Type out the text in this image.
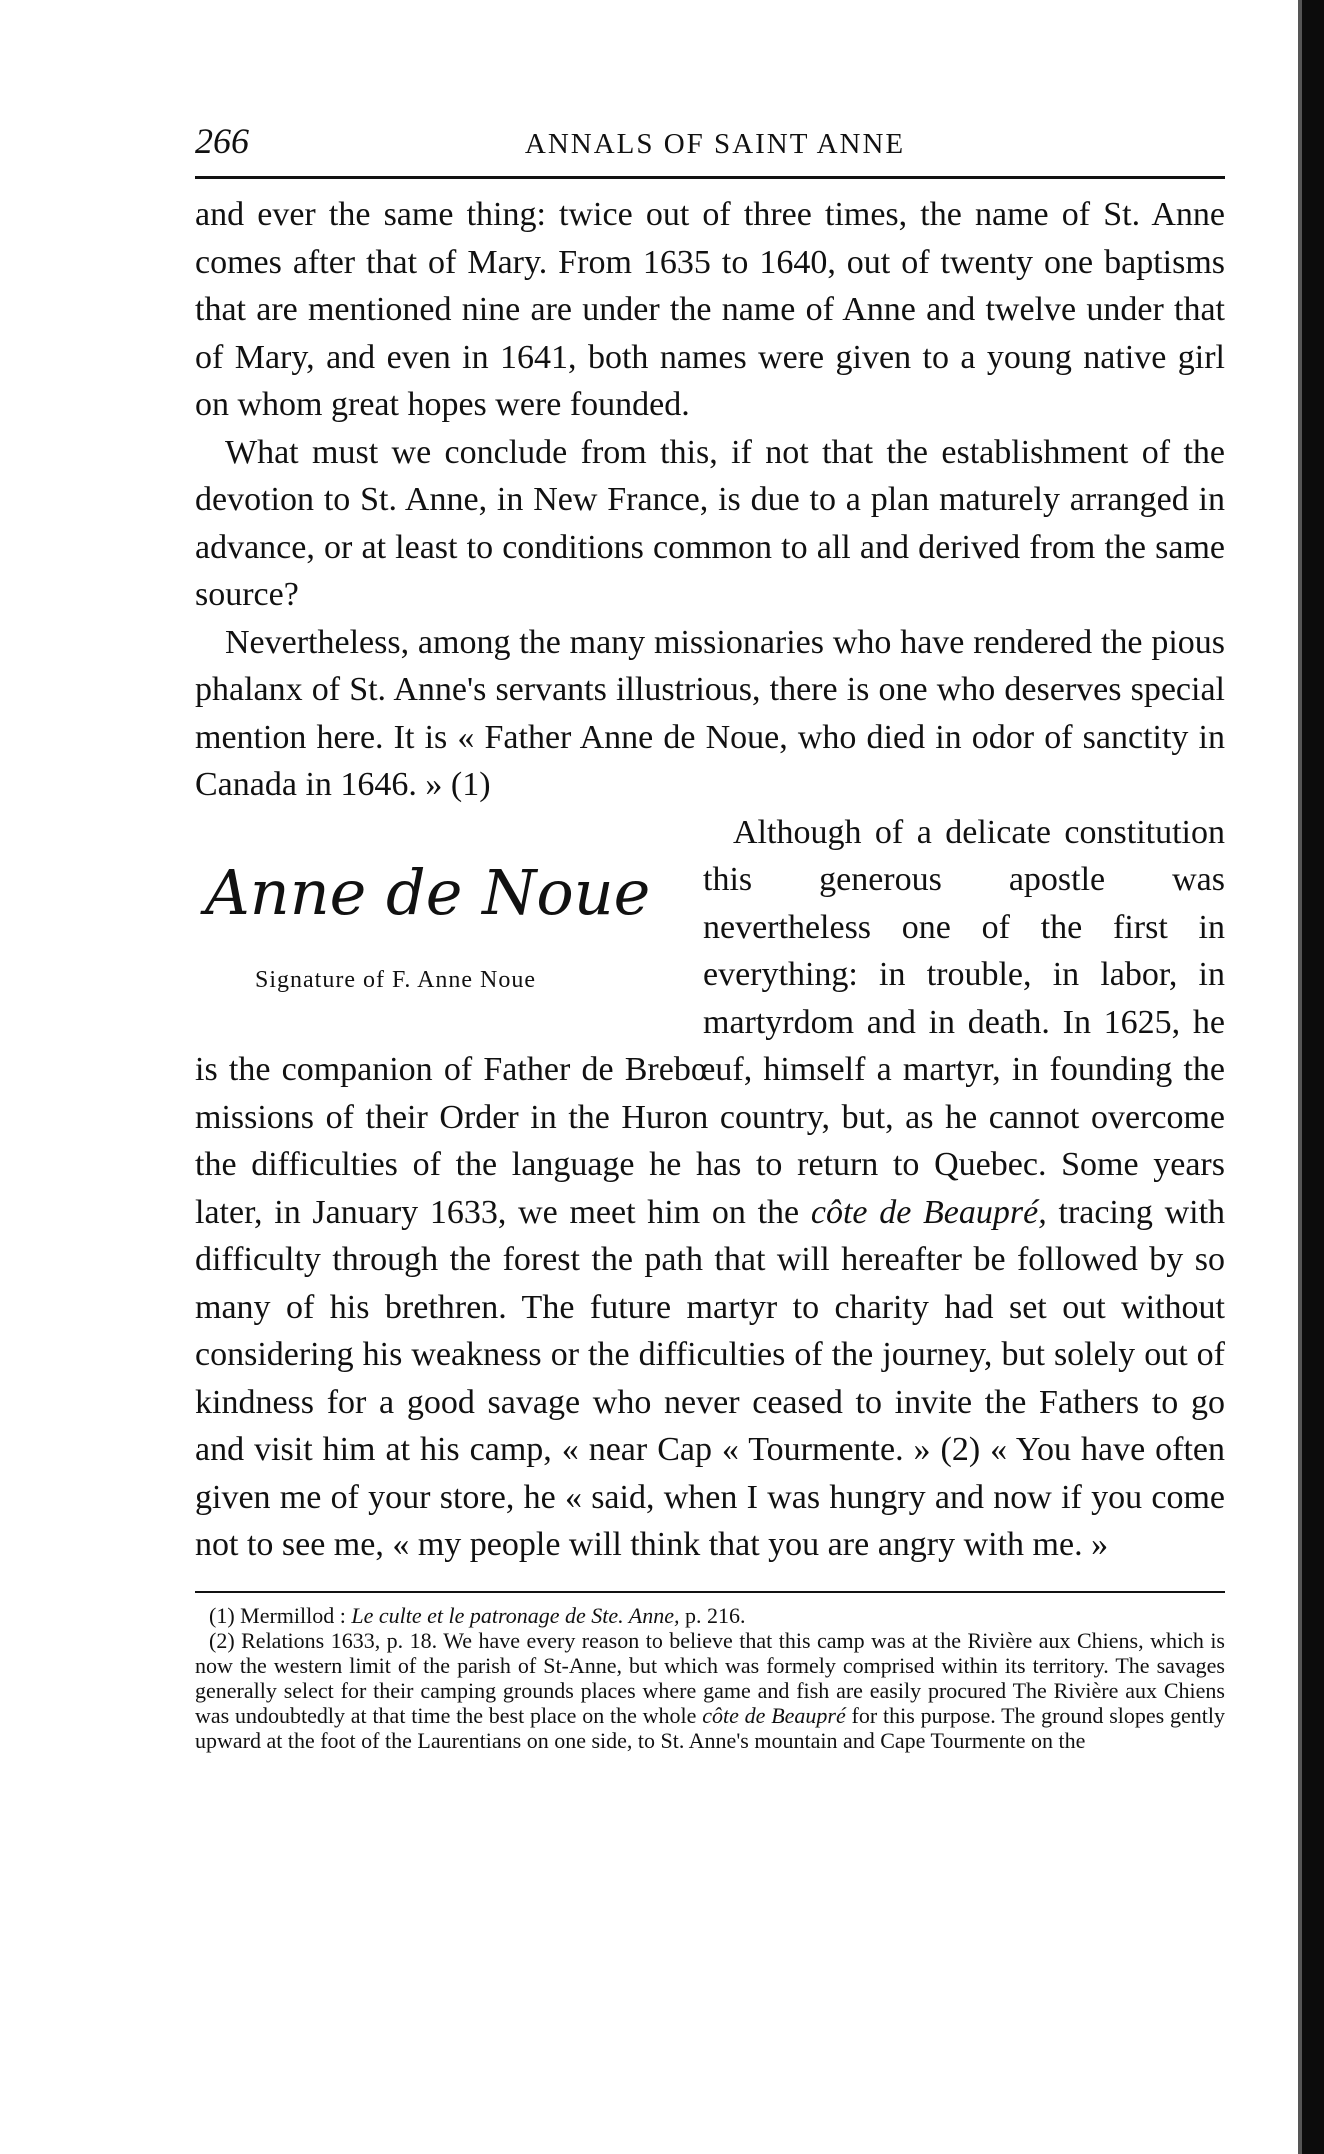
266	ANNALS OF SAINT ANNE

and ever the same thing: twice out of three times, the name of St. Anne comes after that of Mary. From 1635 to 1640, out of twenty one baptisms that are mentioned nine are under the name of Anne and twelve under that of Mary, and even in 1641, both names were given to a young native girl on whom great hopes were founded.

What must we conclude from this, if not that the establishment of the devotion to St. Anne, in New France, is due to a plan maturely arranged in advance, or at least to conditions common to all and derived from the same source?

Nevertheless, among the many missionaries who have rendered the pious phalanx of St. Anne's servants illustrious, there is one who deserves special mention here. It is « Father Anne de Noue, who died in odor of sanctity in Canada in 1646. » (1)

Anne de Noue
Signature of F. Anne Noue

Although of a delicate constitution this generous apostle was nevertheless one of the first in everything: in trouble, in labor, in martyrdom and in death. In 1625, he is the companion of Father de Brebœuf, himself a martyr, in founding the missions of their Order in the Huron country, but, as he cannot overcome the difficulties of the language he has to return to Quebec. Some years later, in January 1633, we meet him on the côte de Beaupré, tracing with difficulty through the forest the path that will hereafter be followed by so many of his brethren. The future martyr to charity had set out without considering his weakness or the difficulties of the journey, but solely out of kindness for a good savage who never ceased to invite the Fathers to go and visit him at his camp, « near Cap « Tourmente. » (2) « You have often given me of your store, he « said, when I was hungry and now if you come not to see me, « my people will think that you are angry with me. »

(1) Mermillod : Le culte et le patronage de Ste. Anne, p. 216.

(2) Relations 1633, p. 18. We have every reason to believe that this camp was at the Rivière aux Chiens, which is now the western limit of the parish of St-Anne, but which was formely comprised within its territory. The savages generally select for their camping grounds places where game and fish are easily procured The Rivière aux Chiens was undoubtedly at that time the best place on the whole côte de Beaupré for this purpose. The ground slopes gently upward at the foot of the Laurentians on one side, to St. Anne's mountain and Cape Tourmente on the
